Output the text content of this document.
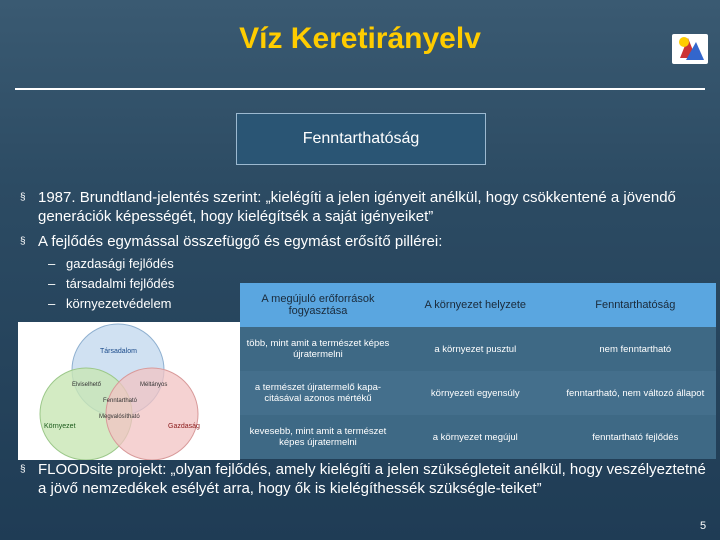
Víz Keretirányelv
Fenntarthatóság
§ 1987. Brundtland-jelentés szerint: „kielégíti a jelen igényeit anélkül, hogy csökkentené a jövendő generációk képességét, hogy kielégítsék a saját igényeiket”
§ A fejlődés egymással összefüggő és egymást erősítő pillérei:
– gazdasági fejlődés
– társadalmi fejlődés
– környezetvédelem
Társadalom
Elviselhető	Méltányos
Fenntartható
Megvalósítható
Környezet	Gazdaság
A megújuló erőforrások fogyasztása	A környezet helyzete	Fenntarthatóság
több, mint amit a természet képes újratermelni	a környezet pusztul	nem fenntartható
a természet újratermelő kapa-citásával azonos mértékű	környezeti egyensúly	fenntartható, nem változó állapot
kevesebb, mint amit a természet képes újratermelni	a környezet megújul	fenntartható fejlődés
§ FLOODsite projekt: „olyan fejlődés, amely kielégíti a jelen szükségleteit anélkül, hogy veszélyeztetné a jövő nemzedékek esélyét arra, hogy ők is kielégíthessék szükségle-teiket”
5
